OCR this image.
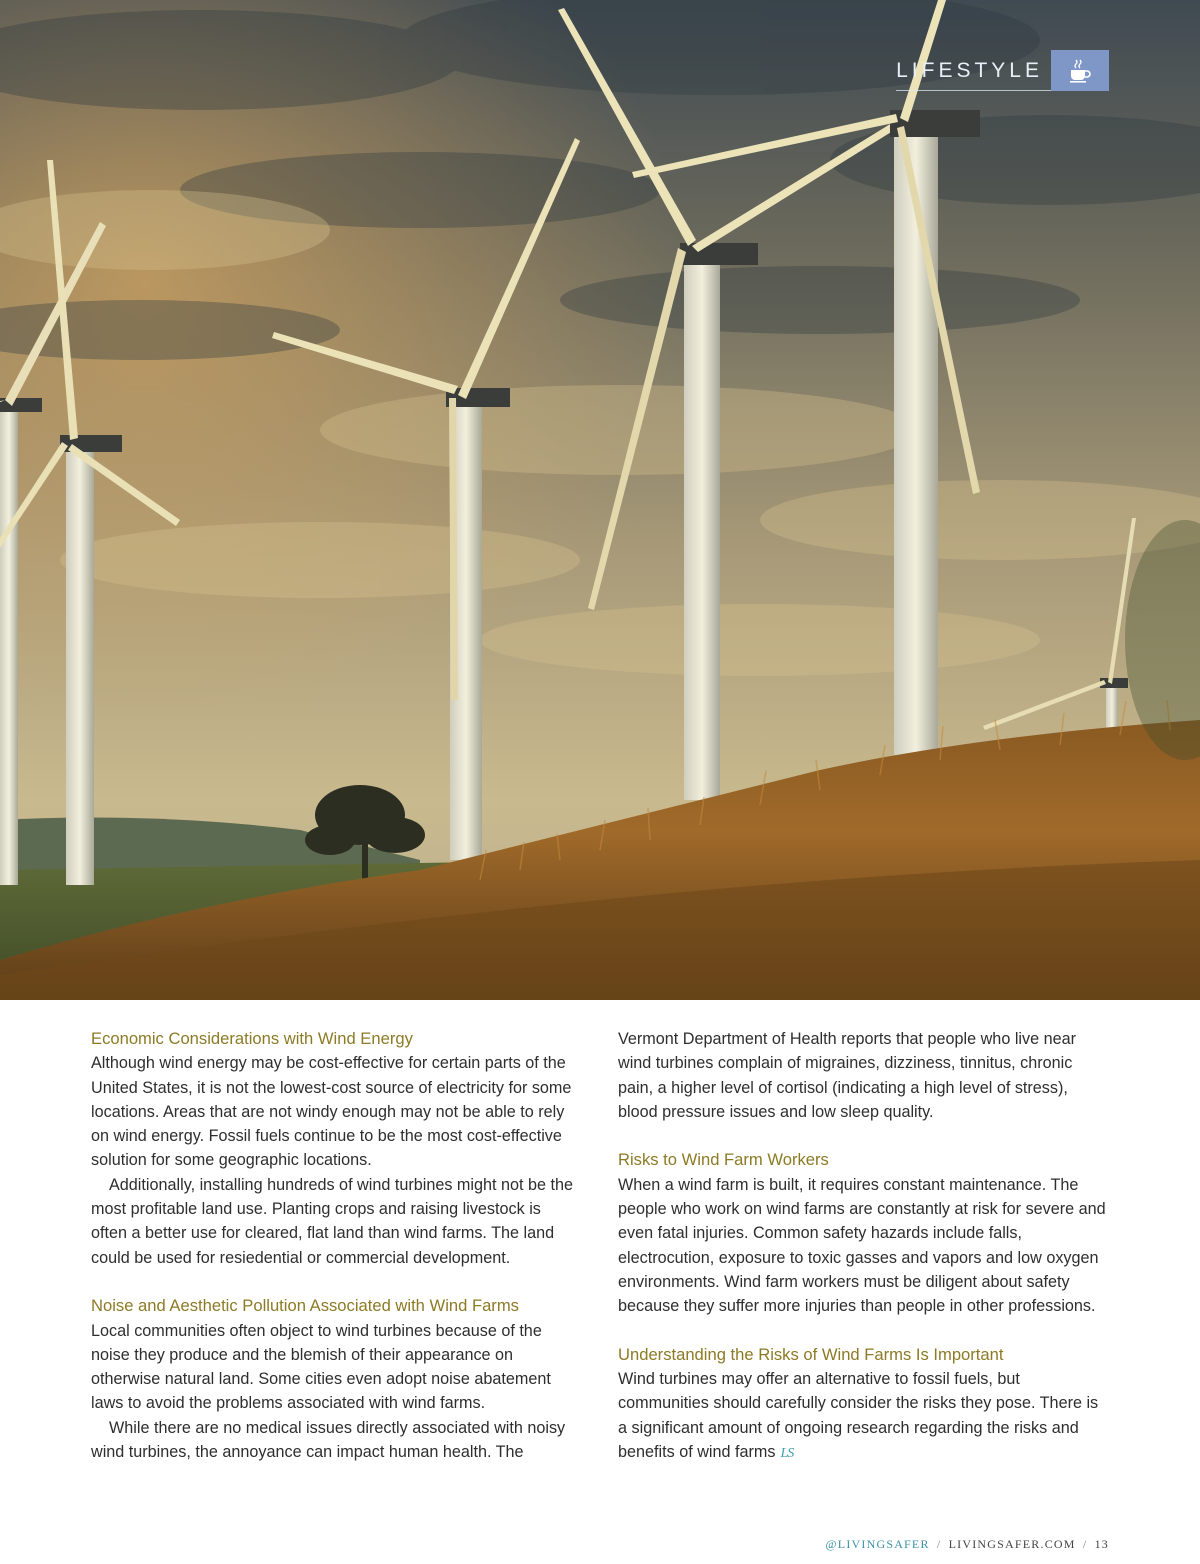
LIFESTYLE
Economic Considerations with Wind Energy

Although wind energy may be cost-effective for certain parts of the United States, it is not the lowest-cost source of electricity for some locations. Areas that are not windy enough may not be able to rely on wind energy. Fossil fuels continue to be the most cost-effective solution for some geographic locations.

Additionally, installing hundreds of wind turbines might not be the most profitable land use. Planting crops and raising livestock is often a better use for cleared, flat land than wind farms. The land could be used for resiedential or commercial development.

Noise and Aesthetic Pollution Associated with Wind Farms

Local communities often object to wind turbines because of the noise they produce and the blemish of their appearance on otherwise natural land. Some cities even adopt noise abatement laws to avoid the problems associated with wind farms.

While there are no medical issues directly associated with noisy wind turbines, the annoyance can impact human health. The

Vermont Department of Health reports that people who live near wind turbines complain of migraines, dizziness, tinnitus, chronic pain, a higher level of cortisol (indicating a high level of stress), blood pressure issues and low sleep quality.

Risks to Wind Farm Workers

When a wind farm is built, it requires constant maintenance. The people who work on wind farms are constantly at risk for severe and even fatal injuries. Common safety hazards include falls, electrocution, exposure to toxic gasses and vapors and low oxygen environments. Wind farm workers must be diligent about safety because they suffer more injuries than people in other professions.

Understanding the Risks of Wind Farms Is Important

Wind turbines may offer an alternative to fossil fuels, but communities should carefully consider the risks they pose. There is a significant amount of ongoing research regarding the risks and benefits of wind farms LS

@LIVINGSAFER / LIVINGSAFER.COM / 13
